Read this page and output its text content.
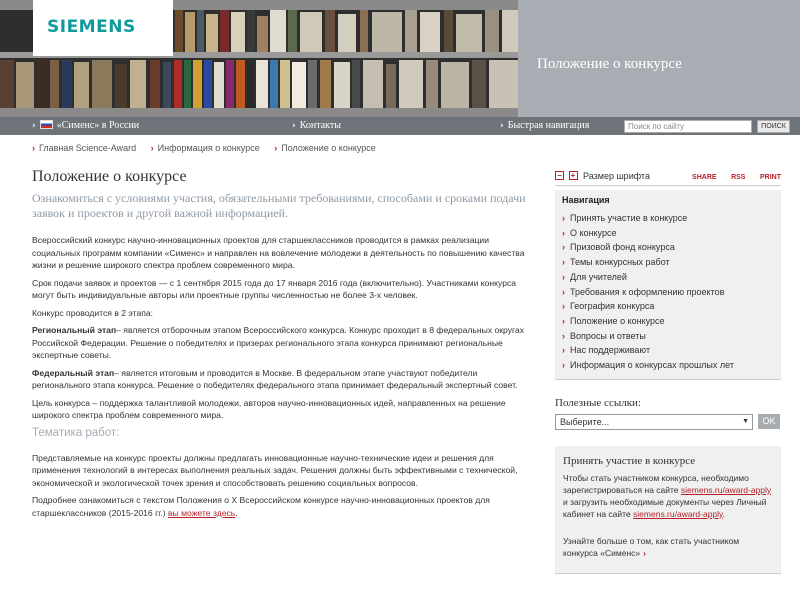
SIEMENS
Положение о конкурсе
› «Сименс» в России	› Контакты	› Быстрая навигация	Поиск по сайту	ПОИСК
› Главная Science-Award › Информация о конкурсе › Положение о конкурсе
Положение о конкурсе
Ознакомиться с условиями участия, обязательными требованиями, способами и сроками подачи заявок и проектов и другой важной информацией.
Всероссийский конкурс научно-инновационных проектов для старшеклассников проводится в рамках реализации социальных программ компании «Сименс» и направлен на вовлечение молодежи в деятельность по повышению качества жизни и решение широкого спектра проблем современного мира.
Срок подачи заявок и проектов — с 1 сентября 2015 года до 17 января 2016 года (включительно). Участниками конкурса могут быть индивидуальные авторы или проектные группы численностью не более 3-х человек.
Конкурс проводится в 2 этапа:
Региональный этап– является отборочным этапом Всероссийского конкурса. Конкурс проходит в 8 федеральных округах Российской Федерации. Решение о победителях и призерах регионального этапа конкурса принимают региональные экспертные советы.
Федеральный этап– является итоговым и проводится в Москве. В федеральном этапе участвуют победители регионального этапа конкурса. Решение о победителях федерального этапа принимает федеральный экспертный совет.
Цель конкурса – поддержка талантливой молодежи, авторов научно-инновационных идей, направленных на решение широкого спектра проблем современного мира.
Тематика работ:
Представляемые на конкурс проекты должны предлагать инновационные научно-технические идеи и решения для применения технологий в интересах выполнения реальных задач. Решения должны быть эффективными с технической, экономической и экологической точек зрения и способствовать решению социальных вопросов.
Подробнее ознакомиться с текстом Положения о X Всероссийском конкурсе научно-инновационных проектов для старшеклассников (2015-2016 гг.) вы можете здесь.
− + Размер шрифта	SHARE RSS PRINT
Навигация
› Принять участие в конкурсе
› О конкурсе
› Призовой фонд конкурса
› Темы конкурсных работ
› Для учителей
› Требования к оформлению проектов
› География конкурса
› Положение о конкурсе
› Вопросы и ответы
› Нас поддерживают
› Информация о конкурсах прошлых лет
Полезные ссылки:
Выберите...	▼	OK
Принять участие в конкурсе
Чтобы стать участником конкурса, необходимо зарегистрироваться на сайте siemens.ru/award-apply и загрузить необходимые документы через Личный кабинет на сайте siemens.ru/award-apply.
Узнайте больше о том, как стать участником конкурса «Сименс» ›
